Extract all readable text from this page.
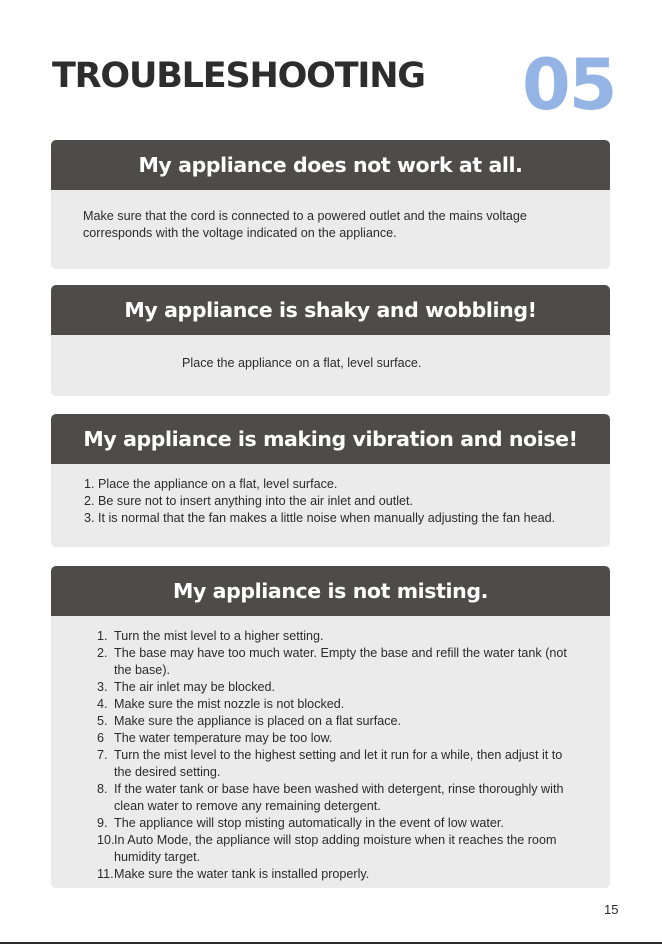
TROUBLESHOOTING 05
My appliance does not work at all.
Make sure that the cord is connected to a powered outlet and the mains voltage
corresponds with the voltage indicated on the appliance.
My appliance is shaky and wobbling!
Place the appliance on a flat, level surface.
My appliance is making vibration and noise!
1. Place the appliance on a flat, level surface.
2. Be sure not to insert anything into the air inlet and outlet.
3. It is normal that the fan makes a little noise when manually adjusting the fan head.
My appliance is not misting.
1. Turn the mist level to a higher setting.
2. The base may have too much water. Empty the base and refill the water tank (not the base).
3. The air inlet may be blocked.
4. Make sure the mist nozzle is not blocked.
5. Make sure the appliance is placed on a flat surface.
6 The water temperature may be too low.
7. Turn the mist level to the highest setting and let it run for a while, then adjust it to the desired setting.
8. If the water tank or base have been washed with detergent, rinse thoroughly with clean water to remove any remaining detergent.
9. The appliance will stop misting automatically in the event of low water.
10. In Auto Mode, the appliance will stop adding moisture when it reaches the room humidity target.
11. Make sure the water tank is installed properly.
15
